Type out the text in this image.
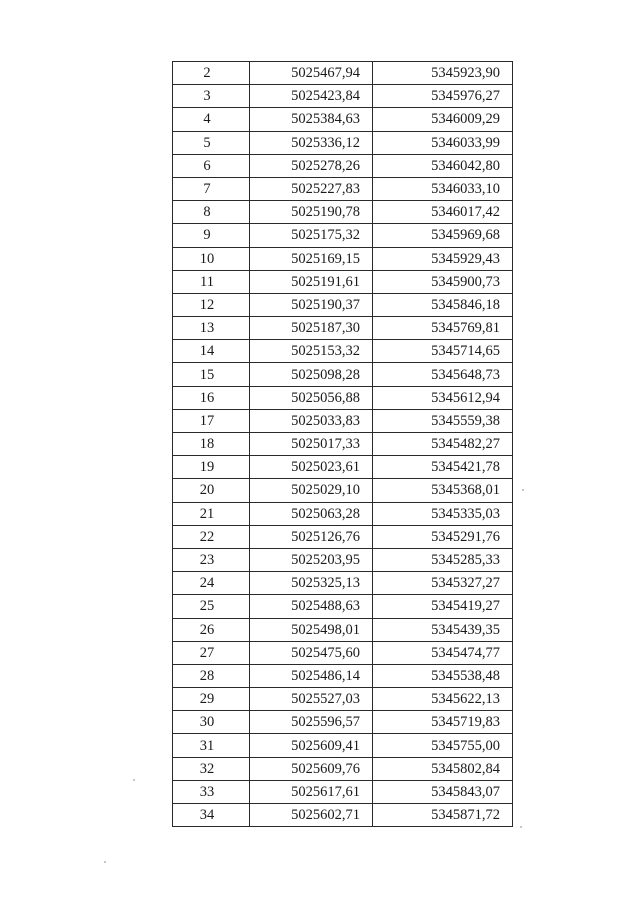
2	5025467,94	5345923,90
3	5025423,84	5345976,27
4	5025384,63	5346009,29
5	5025336,12	5346033,99
6	5025278,26	5346042,80
7	5025227,83	5346033,10
8	5025190,78	5346017,42
9	5025175,32	5345969,68
10	5025169,15	5345929,43
11	5025191,61	5345900,73
12	5025190,37	5345846,18
13	5025187,30	5345769,81
14	5025153,32	5345714,65
15	5025098,28	5345648,73
16	5025056,88	5345612,94
17	5025033,83	5345559,38
18	5025017,33	5345482,27
19	5025023,61	5345421,78
20	5025029,10	5345368,01
21	5025063,28	5345335,03
22	5025126,76	5345291,76
23	5025203,95	5345285,33
24	5025325,13	5345327,27
25	5025488,63	5345419,27
26	5025498,01	5345439,35
27	5025475,60	5345474,77
28	5025486,14	5345538,48
29	5025527,03	5345622,13
30	5025596,57	5345719,83
31	5025609,41	5345755,00
32	5025609,76	5345802,84
33	5025617,61	5345843,07
34	5025602,71	5345871,72
